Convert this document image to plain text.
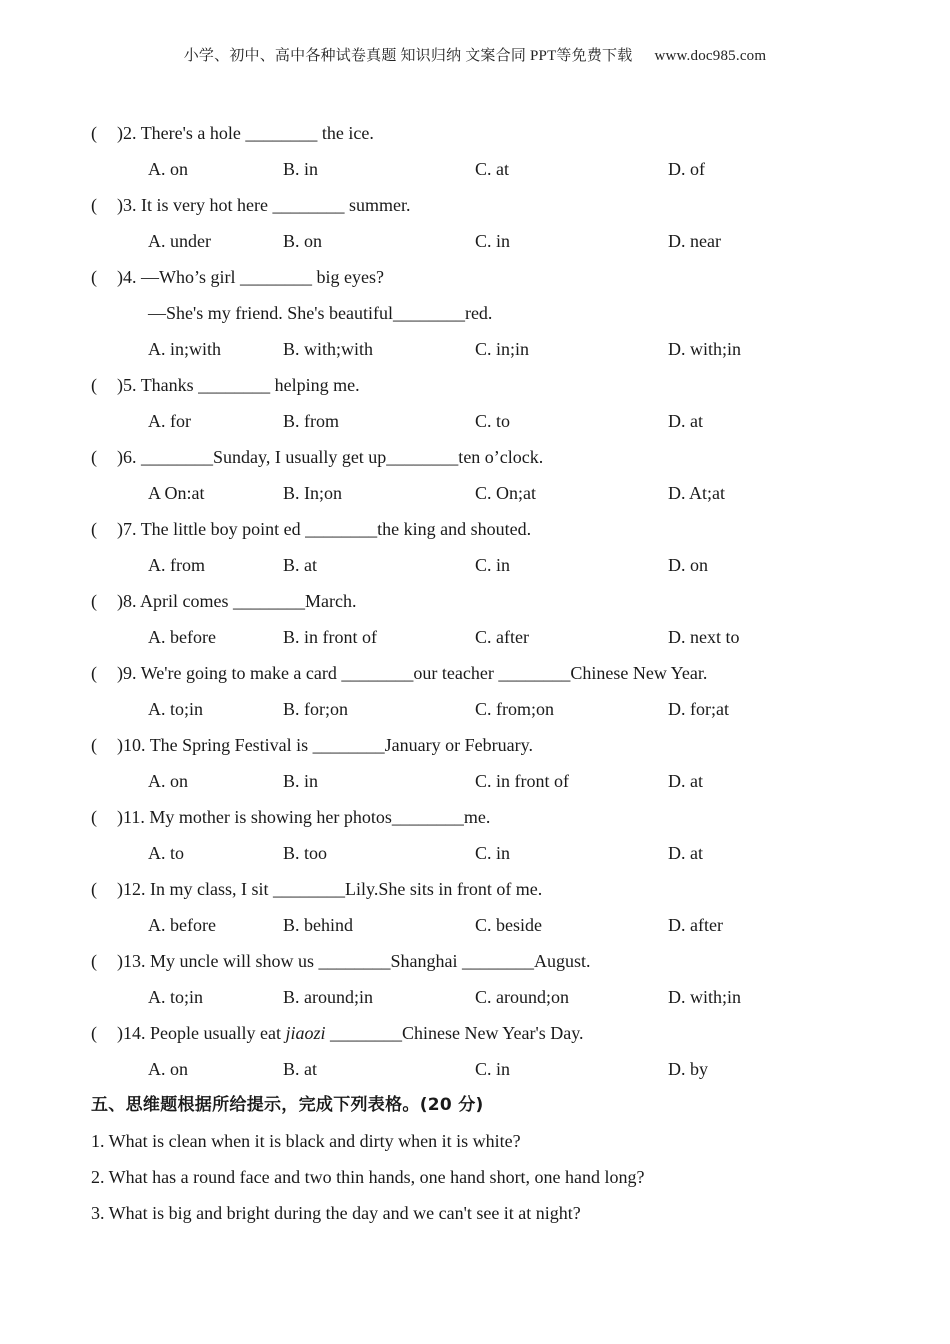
小学、初中、高中各种试卷真题 知识归纳 文案合同 PPT等免费下载 www.doc985.com
( )2. There's a hole ________ the ice.
A. on	B. in	C. at	D. of
( )3. It is very hot here ________ summer.
A. under	B. on	C. in	D. near
( )4. —Who’s girl ________ big eyes?
—She's my friend. She's beautiful________red.
A. in;with	B. with;with	C. in;in	D. with;in
( )5. Thanks ________ helping me.
A. for	B. from	C. to	D. at
( )6. ________Sunday, I usually get up________ten o’clock.
A On:at	B. In;on	C. On;at	D. At;at
( )7. The little boy point ed ________the king and shouted.
A. from	B. at	C. in	D. on
( )8. April comes ________March.
A. before	B. in front of	C. after	D. next to
( )9. We're going to make a card ________our teacher ________Chinese New Year.
A. to;in	B. for;on	C. from;on	D. for;at
( )10. The Spring Festival is ________January or February.
A. on	B. in	C. in front of	D. at
( )11. My mother is showing her photos________me.
A. to	B. too	C. in	D. at
( )12. In my class, I sit ________Lily.She sits in front of me.
A. before	B. behind	C. beside	D. after
( )13. My uncle will show us ________Shanghai ________August.
A. to;in	B. around;in	C. around;on	D. with;in
( )14. People usually eat jiaozi ________Chinese New Year's Day.
A. on	B. at	C. in	D. by
五、思维题根据所给提示，完成下列表格。(20 分)
1. What is clean when it is black and dirty when it is white?
2. What has a round face and two thin hands, one hand short, one hand long?
3. What is big and bright during the day and we can't see it at night?
